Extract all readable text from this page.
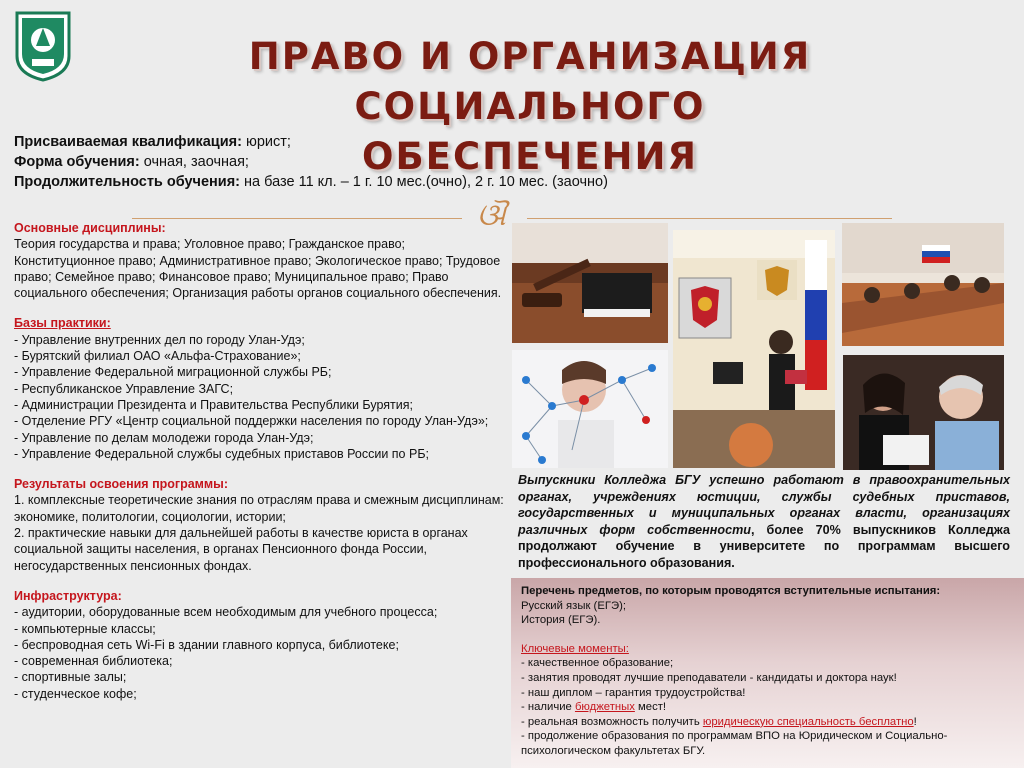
ПРАВО И ОРГАНИЗАЦИЯ СОЦИАЛЬНОГО
ОБЕСПЕЧЕНИЯ
Присваиваемая квалификация: юрист;
Форма обучения: очная, заочная;
Продолжительность обучения: на базе 11 кл. – 1 г. 10 мес.(очно), 2 г. 10 мес. (заочно)
ଔ

Основные дисциплины:

Теория государства и права; Уголовное право; Гражданское право; Конституционное право; Административное право; Экологическое право; Трудовое право; Семейное право; Финансовое право; Муниципальное право; Право социального обеспечения; Организация работы органов социального обеспечения.

Базы практики:

- Управление внутренних дел по городу Улан-Удэ;

- Бурятский филиал ОАО «Альфа-Страхование»;

- Управление Федеральной миграционной службы РБ;

- Республиканское Управление ЗАГС;

- Администрации Президента и Правительства Республики Бурятия;

- Отделение РГУ «Центр социальной поддержки населения по городу Улан-Удэ»;

- Управление по делам молодежи города Улан-Удэ;

- Управление Федеральной службы судебных приставов России по РБ;

Результаты освоения программы:

1. комплексные теоретические знания по отраслям права и смежным дисциплинам: экономике, политологии, социологии, истории;

2. практические навыки для дальнейшей работы в качестве юриста в органах социальной защиты населения, в органах Пенсионного фонда России, негосударственных пенсионных фондах.

Инфраструктура:

- аудитории, оборудованные всем необходимым для учебного процесса;

- компьютерные классы;

- беспроводная сеть Wi-Fi в здании главного корпуса, библиотеке;

- современная библиотека;

- спортивные залы;

- студенческое кофе;

Выпускники Колледжа БГУ успешно работают в правоохранительных органах, учреждениях юстиции, службы судебных приставов, государственных и муниципальных органах власти, организациях различных форм собственности, более 70% выпускников Колледжа продолжают обучение в университете по программам высшего профессионального образования.

Перечень предметов, по которым проводятся вступительные испытания:

Русский язык (ЕГЭ);

История (ЕГЭ).

Ключевые моменты:

- качественное образование;

- занятия проводят лучшие преподаватели - кандидаты и доктора наук!

- наш диплом – гарантия трудоустройства!

- наличие бюджетных мест!

- реальная возможность получить юридическую специальность бесплатно!

- продолжение образования по программам ВПО на Юридическом и Социально-психологическом факультетах БГУ.
